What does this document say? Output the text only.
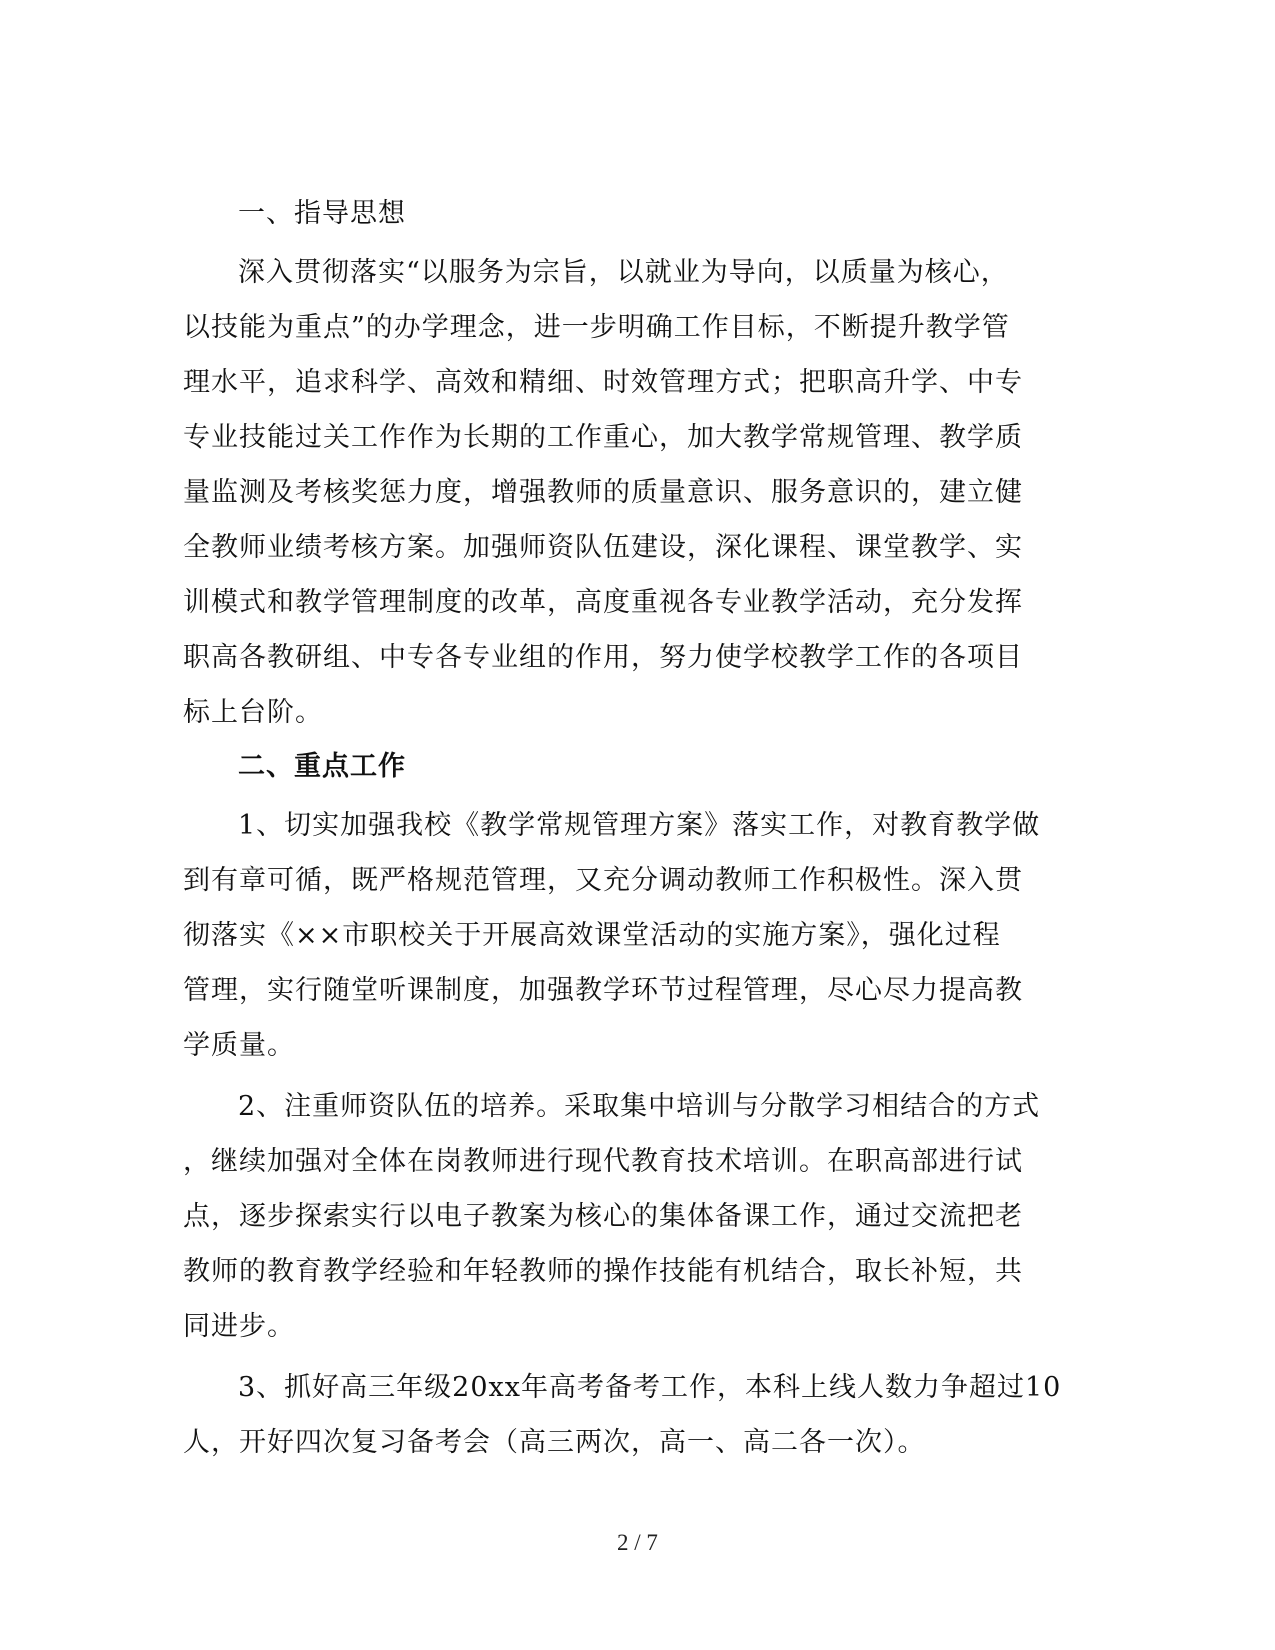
一、指导思想
深入贯彻落实“以服务为宗旨，以就业为导向，以质量为核心，
以技能为重点”的办学理念，进一步明确工作目标，不断提升教学管
理水平，追求科学、高效和精细、时效管理方式；把职高升学、中专
专业技能过关工作作为长期的工作重心，加大教学常规管理、教学质
量监测及考核奖惩力度，增强教师的质量意识、服务意识的，建立健
全教师业绩考核方案。加强师资队伍建设，深化课程、课堂教学、实
训模式和教学管理制度的改革，高度重视各专业教学活动，充分发挥
职高各教研组、中专各专业组的作用，努力使学校教学工作的各项目
标上台阶。
二、重点工作
1、切实加强我校《教学常规管理方案》落实工作，对教育教学做
到有章可循，既严格规范管理，又充分调动教师工作积极性。深入贯
彻落实《××市职校关于开展高效课堂活动的实施方案》，强化过程
管理，实行随堂听课制度，加强教学环节过程管理，尽心尽力提高教
学质量。
2、注重师资队伍的培养。采取集中培训与分散学习相结合的方式
，继续加强对全体在岗教师进行现代教育技术培训。在职高部进行试
点，逐步探索实行以电子教案为核心的集体备课工作，通过交流把老
教师的教育教学经验和年轻教师的操作技能有机结合，取长补短，共
同进步。
3、抓好高三年级20xx年高考备考工作，本科上线人数力争超过10
人，开好四次复习备考会（高三两次，高一、高二各一次）。
2 / 7
